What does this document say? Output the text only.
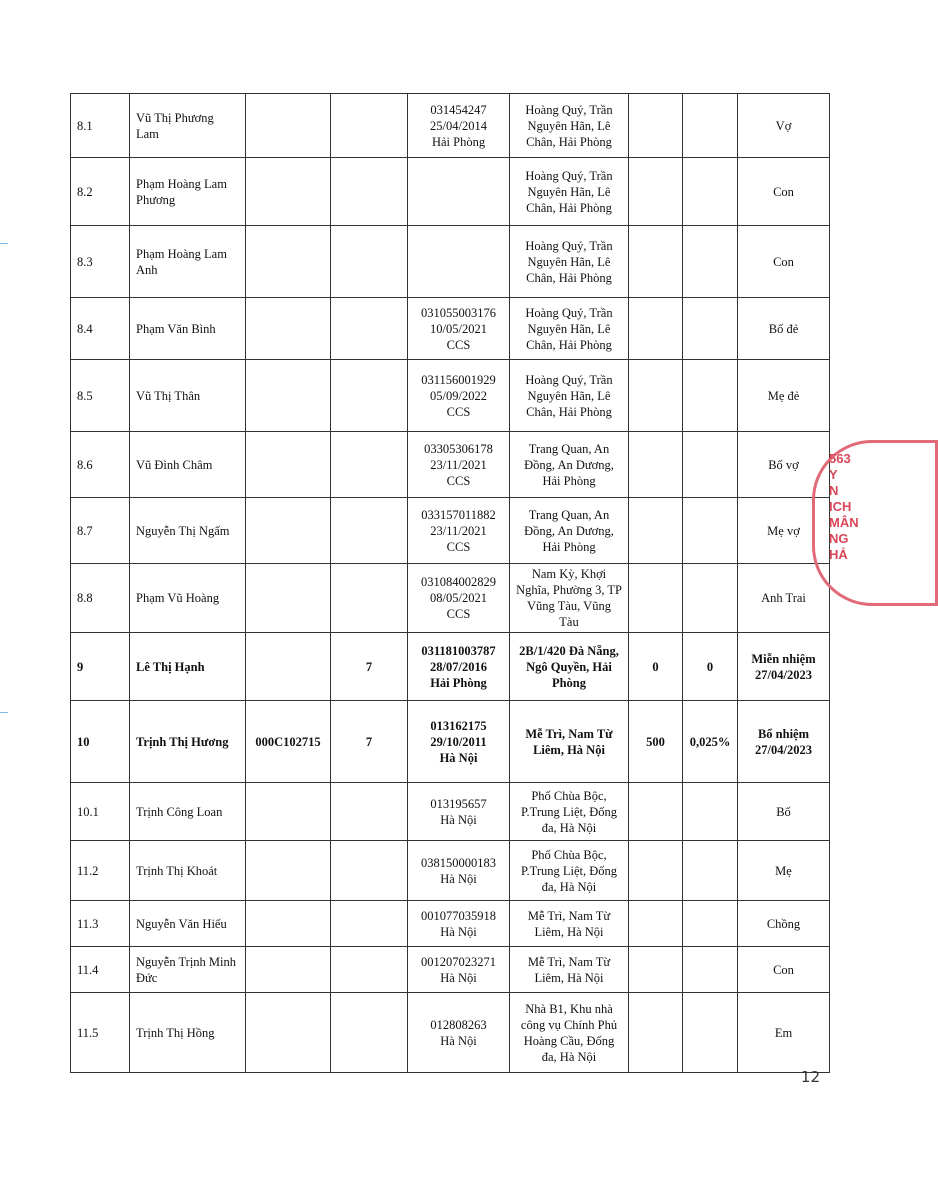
8.1	Vũ Thị Phương Lam			031454247
25/04/2014
Hải Phòng	Hoàng Quý, Trần Nguyên Hãn, Lê Chân, Hải Phòng			Vợ
8.2	Phạm Hoàng Lam Phương				Hoàng Quý, Trần Nguyên Hãn, Lê Chân, Hải Phòng			Con
8.3	Phạm Hoàng Lam Anh				Hoàng Quý, Trần Nguyên Hãn, Lê Chân, Hải Phòng			Con
8.4	Phạm Văn Bình			031055003176
10/05/2021
CCS	Hoàng Quý, Trần Nguyên Hãn, Lê Chân, Hải Phòng			Bố đẻ
8.5	Vũ Thị Thân			031156001929
05/09/2022
CCS	Hoàng Quý, Trần Nguyên Hãn, Lê Chân, Hải Phòng			Mẹ đẻ
8.6	Vũ Đình Châm			03305306178
23/11/2021
CCS	Trang Quan, An Đồng, An Dương, Hải Phòng			Bố vợ
8.7	Nguyễn Thị Ngấm			033157011882
23/11/2021
CCS	Trang Quan, An Đồng, An Dương, Hải Phòng			Mẹ vợ
8.8	Phạm Vũ Hoàng			031084002829
08/05/2021
CCS	Nam Kỳ, Khợi Nghĩa, Phường 3, TP Vũng Tàu, Vũng Tàu			Anh Trai
9	Lê Thị Hạnh		7	031181003787
28/07/2016
Hải Phòng	2B/1/420 Đà Nẵng, Ngô Quyền, Hải Phòng	0	0	Miễn nhiệm
27/04/2023
10	Trịnh Thị Hương	000C102715	7	013162175
29/10/2011
Hà Nội	Mễ Trì, Nam Từ Liêm, Hà Nội	500	0,025%	Bổ nhiệm
27/04/2023
10.1	Trịnh Công Loan			013195657
Hà Nội	Phố Chùa Bộc, P.Trung Liệt, Đống đa, Hà Nội			Bố
11.2	Trịnh Thị Khoát			038150000183
Hà Nội	Phố Chùa Bộc, P.Trung Liệt, Đống đa, Hà Nội			Mẹ
11.3	Nguyễn Văn Hiếu			001077035918
Hà Nội	Mễ Trì, Nam Từ Liêm, Hà Nội			Chồng
11.4	Nguyễn Trịnh Minh Đức			001207023271
Hà Nội	Mễ Trì, Nam Từ Liêm, Hà Nội			Con
11.5	Trịnh Thị Hồng			012808263
Hà Nội	Nhà B1, Khu nhà công vụ Chính Phủ Hoàng Cầu, Đống đa, Hà Nội			Em
563
Y
N
ICH
MÂN
NG
HẢ
12
